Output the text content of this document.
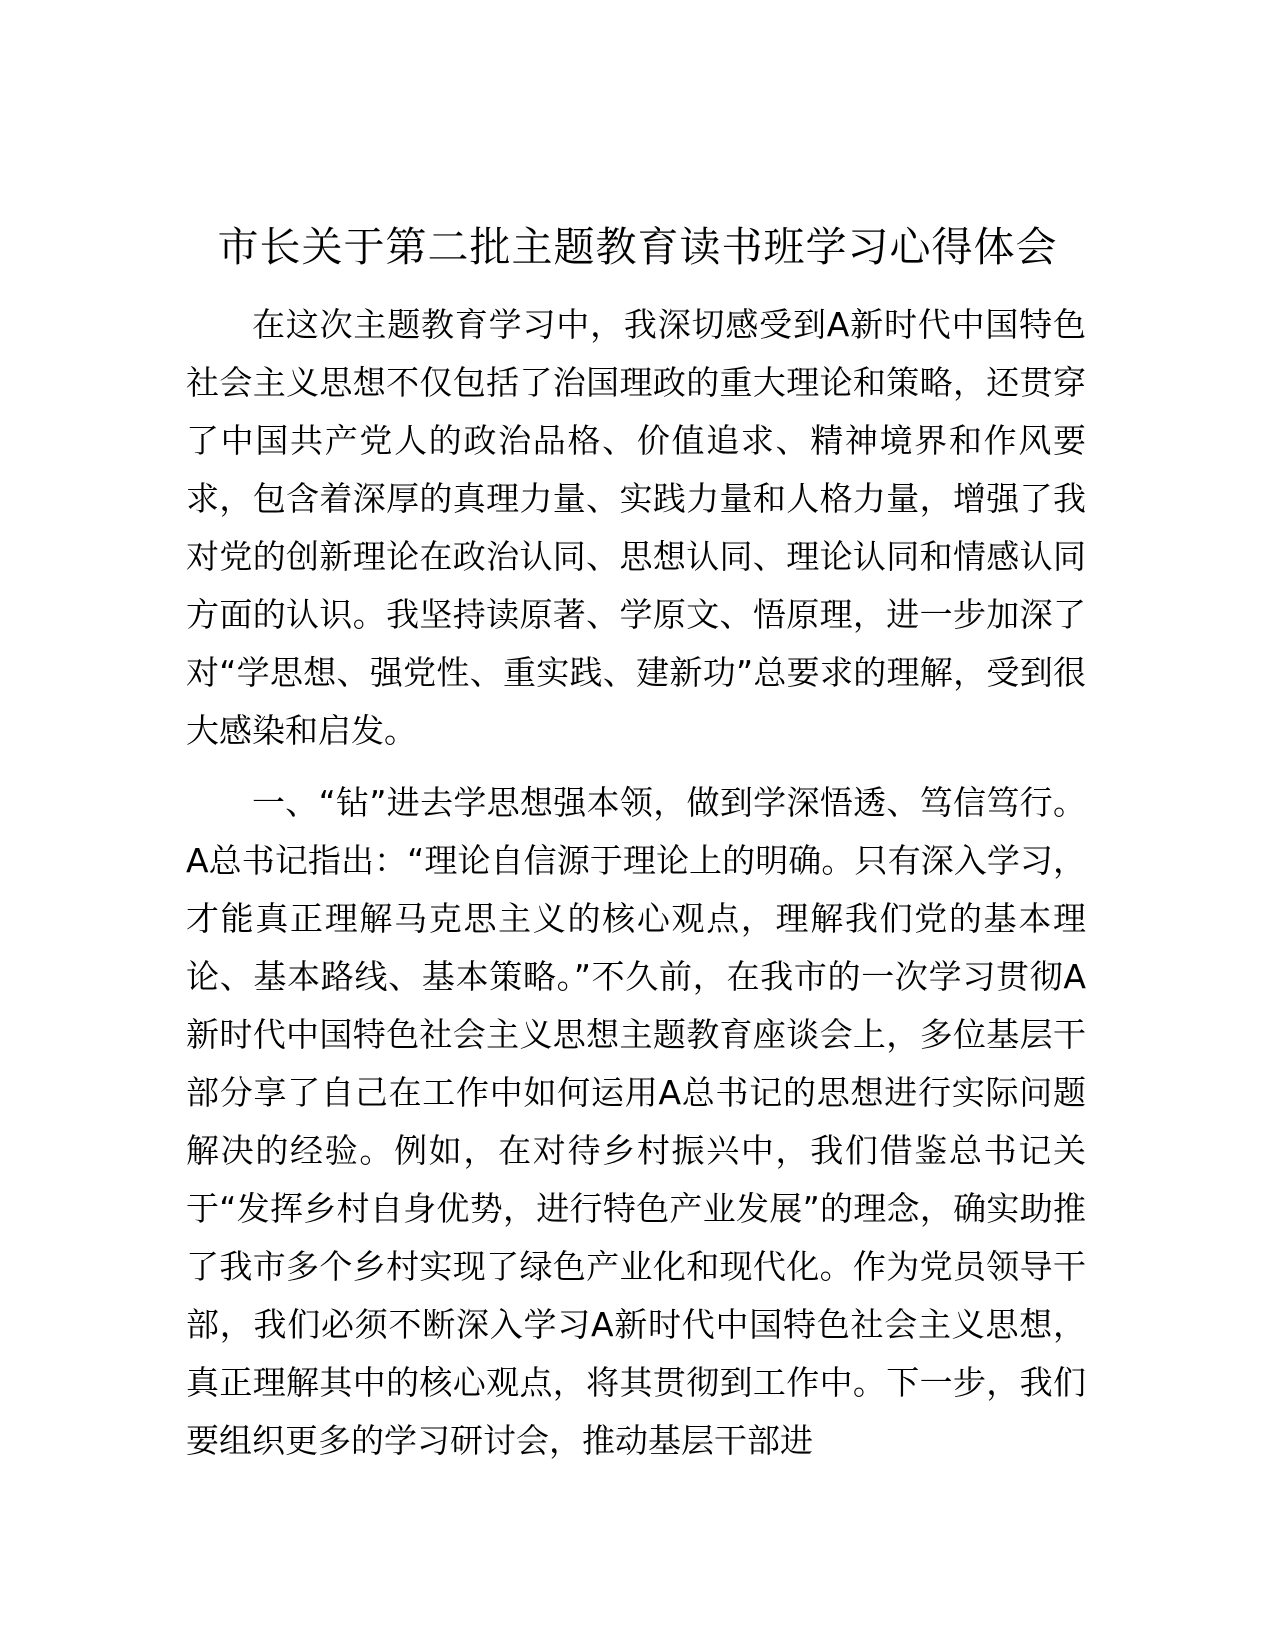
市长关于第二批主题教育读书班学习心得体会

在这次主题教育学习中，我深切感受到A新时代中国特色社会主义思想不仅包括了治国理政的重大理论和策略，还贯穿了中国共产党人的政治品格、价值追求、精神境界和作风要求，包含着深厚的真理力量、实践力量和人格力量，增强了我对党的创新理论在政治认同、思想认同、理论认同和情感认同方面的认识。我坚持读原著、学原文、悟原理，进一步加深了对“学思想、强党性、重实践、建新功”总要求的理解，受到很大感染和启发。

一、“钻”进去学思想强本领，做到学深悟透、笃信笃行。A总书记指出：“理论自信源于理论上的明确。只有深入学习，才能真正理解马克思主义的核心观点，理解我们党的基本理论、基本路线、基本策略。”不久前，在我市的一次学习贯彻A新时代中国特色社会主义思想主题教育座谈会上，多位基层干部分享了自己在工作中如何运用A总书记的思想进行实际问题解决的经验。例如，在对待乡村振兴中，我们借鉴总书记关于“发挥乡村自身优势，进行特色产业发展”的理念，确实助推了我市多个乡村实现了绿色产业化和现代化。作为党员领导干部，我们必须不断深入学习A新时代中国特色社会主义思想，真正理解其中的核心观点，将其贯彻到工作中。下一步，我们要组织更多的学习研讨会，推动基层干部进
